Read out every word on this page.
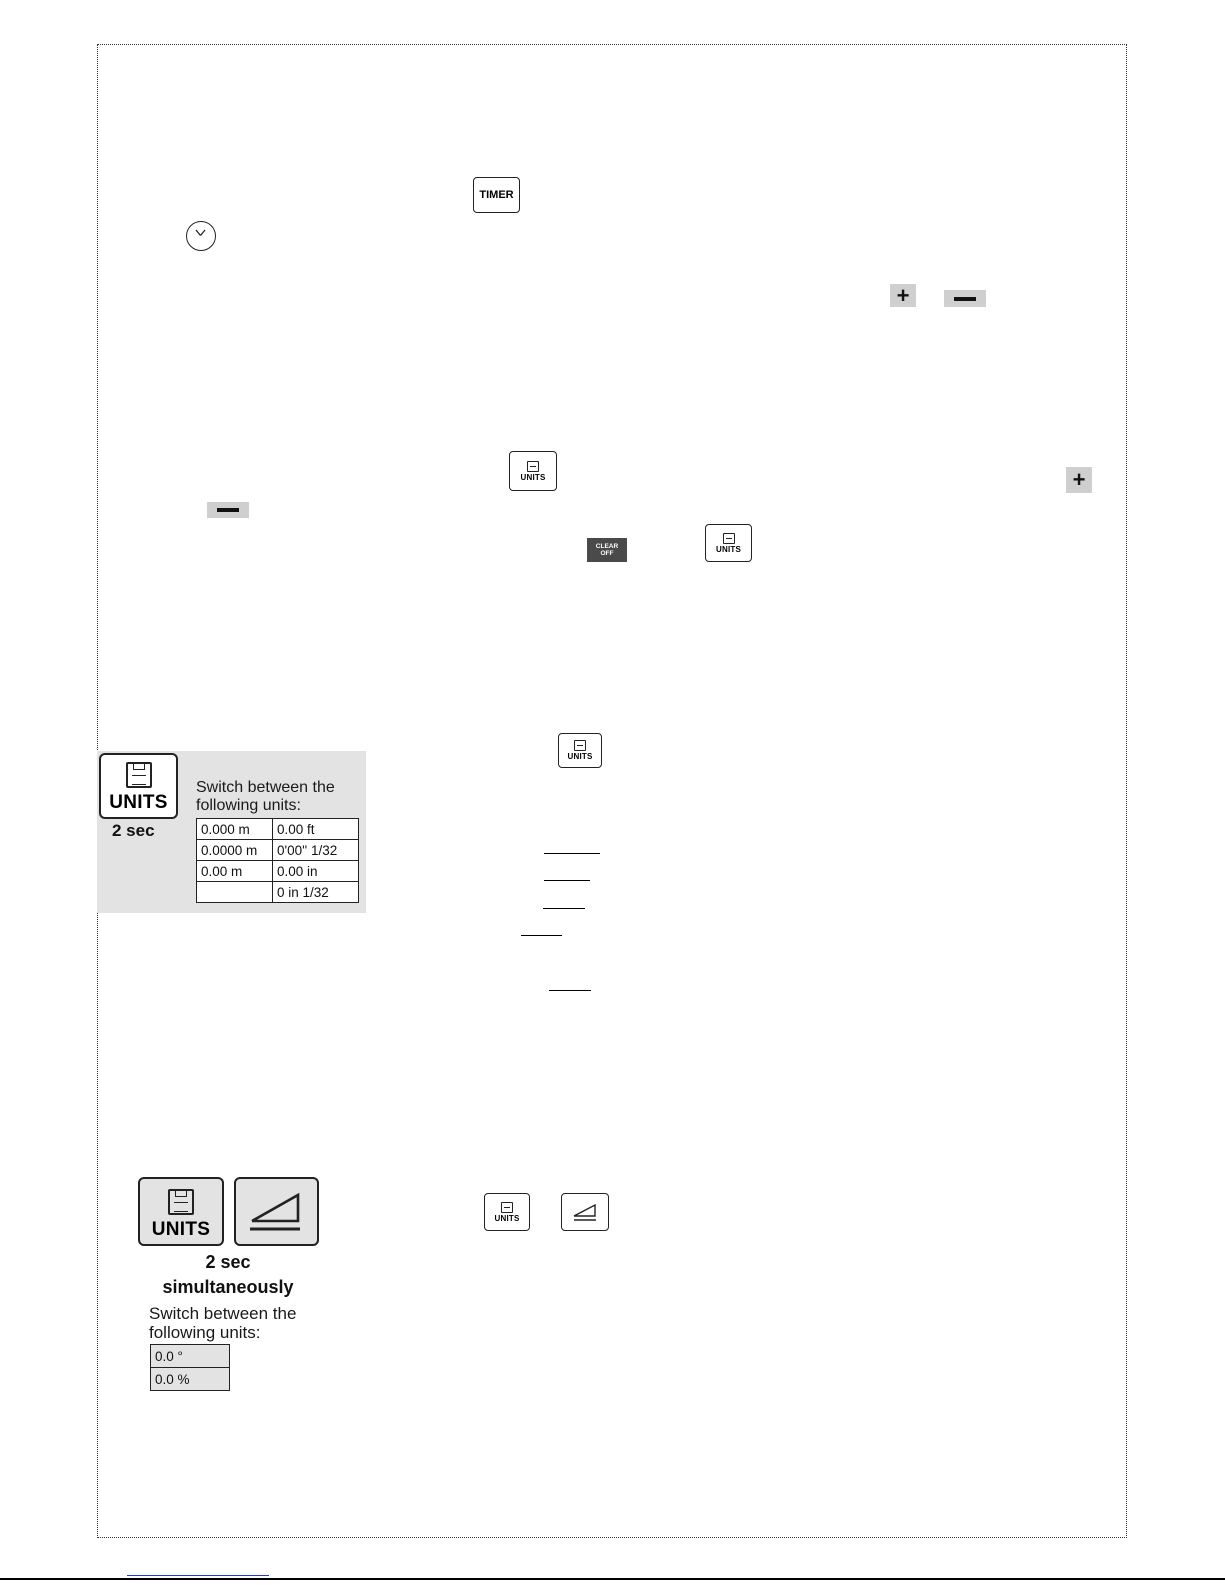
TIMER
+
UNITS	+
CLEAR
OFF	UNITS
UNITS
UNITS
2 sec
Switch between the
following units:
0.000 m	0.00 ft
0.0000 m	0'00'' 1/32
0.00 m	0.00 in
	0 in 1/32
UNITS
UNITS
2 sec
simultaneously
Switch between the
following units:
0.0 °
0.0 %
